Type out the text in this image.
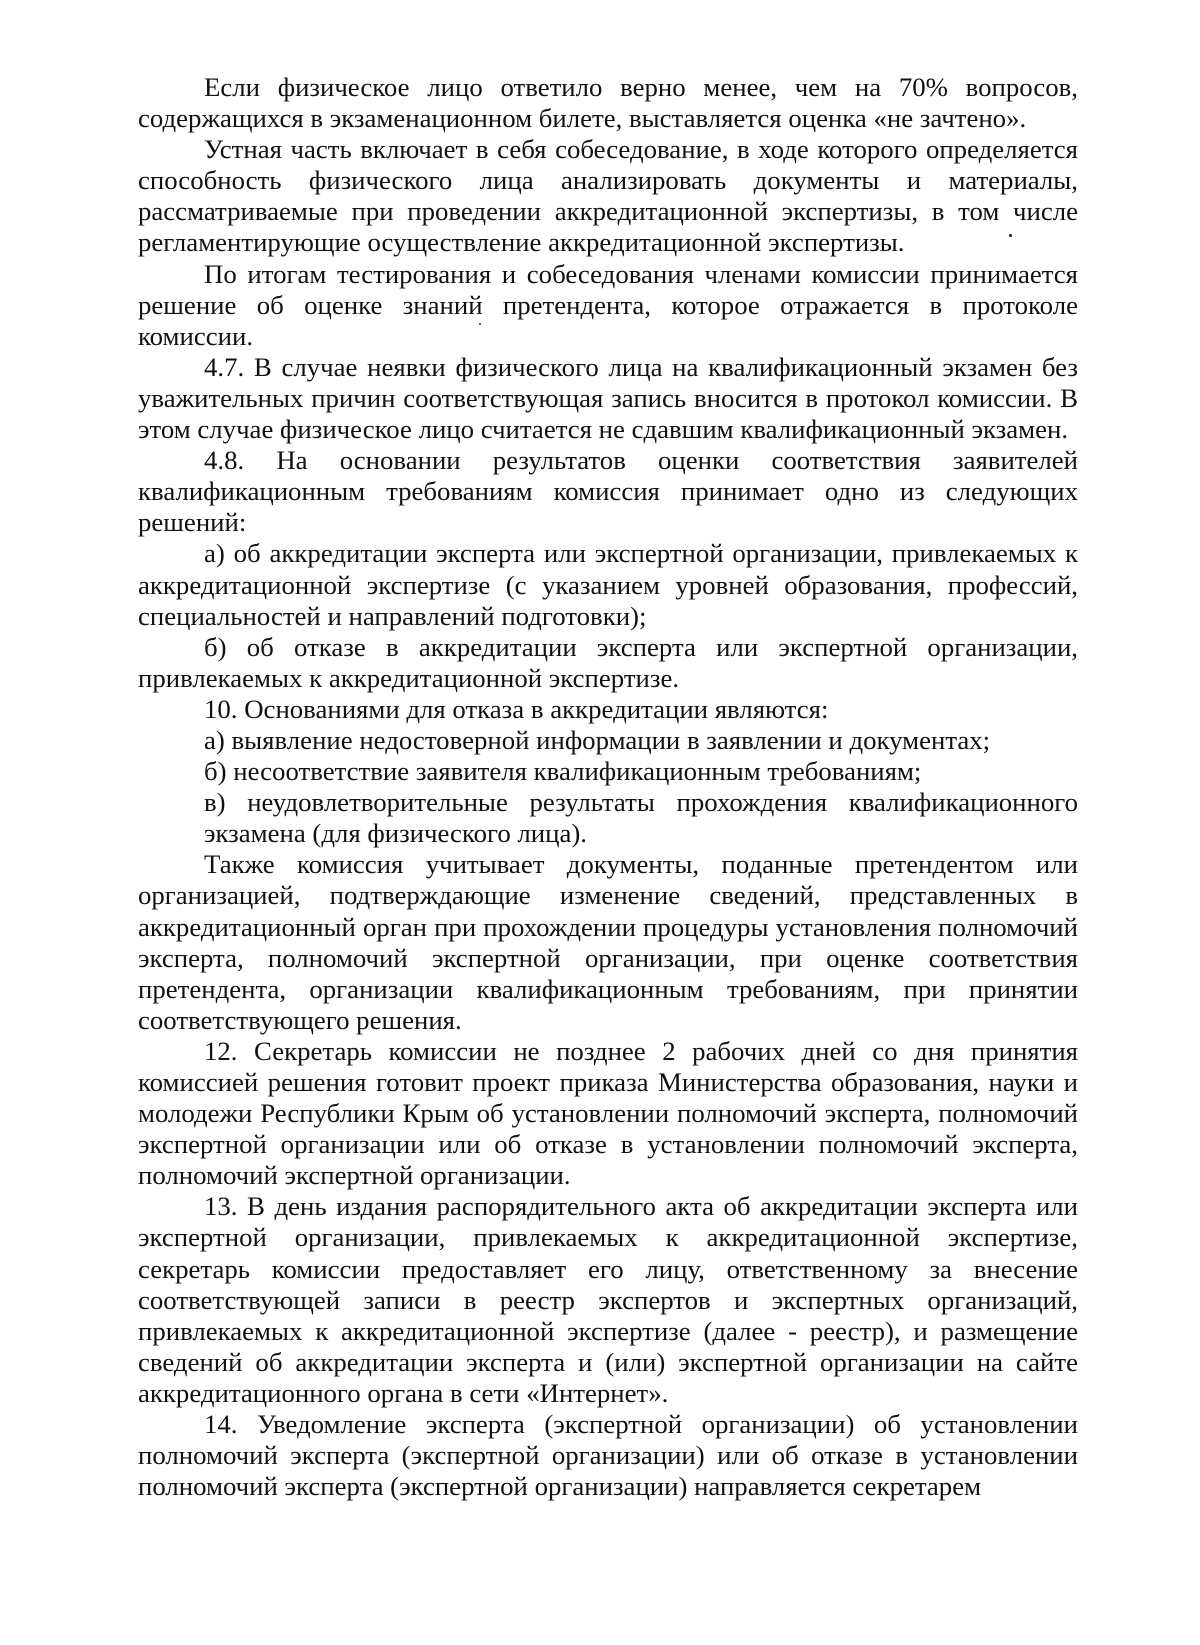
Если физическое лицо ответило верно менее, чем на 70% вопросов, содержащихся в экзаменационном билете, выставляется оценка «не зачтено».

Устная часть включает в себя собеседование, в ходе которого определяется способность физического лица анализировать документы и материалы, рассматриваемые при проведении аккредитационной экспертизы, в том числе регламентирующие осуществление аккредитационной экспертизы.

По итогам тестирования и собеседования членами комиссии принимается решение об оценке знаний претендента, которое отражается в протоколе комиссии.

4.7. В случае неявки физического лица на квалификационный экзамен без уважительных причин соответствующая запись вносится в протокол комиссии. В этом случае физическое лицо считается не сдавшим квалификационный экзамен.

4.8. На основании результатов оценки соответствия заявителей квалификационным требованиям комиссия принимает одно из следующих решений:

а) об аккредитации эксперта или экспертной организации, привлекаемых к аккредитационной экспертизе (с указанием уровней образования, профессий, специальностей и направлений подготовки);

б) об отказе в аккредитации эксперта или экспертной организации, привлекаемых к аккредитационной экспертизе.

10. Основаниями для отказа в аккредитации являются:

а) выявление недостоверной информации в заявлении и документах;

б) несоответствие заявителя квалификационным требованиям;

в) неудовлетворительные результаты прохождения квалификационного экзамена (для физического лица).

Также комиссия учитывает документы, поданные претендентом или организацией, подтверждающие изменение сведений, представленных в аккредитационный орган при прохождении процедуры установления полномочий эксперта, полномочий экспертной организации, при оценке соответствия претендента, организации квалификационным требованиям, при принятии соответствующего решения.

12. Секретарь комиссии не позднее 2 рабочих дней со дня принятия комиссией решения готовит проект приказа Министерства образования, науки и молодежи Республики Крым об установлении полномочий эксперта, полномочий экспертной организации или об отказе в установлении полномочий эксперта, полномочий экспертной организации.

13. В день издания распорядительного акта об аккредитации эксперта или экспертной организации, привлекаемых к аккредитационной экспертизе, секретарь комиссии предоставляет его лицу, ответственному за внесение соответствующей записи в реестр экспертов и экспертных организаций, привлекаемых к аккредитационной экспертизе (далее - реестр), и размещение сведений об аккредитации эксперта и (или) экспертной организации на сайте аккредитационного органа в сети «Интернет».

14. Уведомление эксперта (экспертной организации) об установлении полномочий эксперта (экспертной организации) или об отказе в установлении полномочий эксперта (экспертной организации) направляется секретарем
